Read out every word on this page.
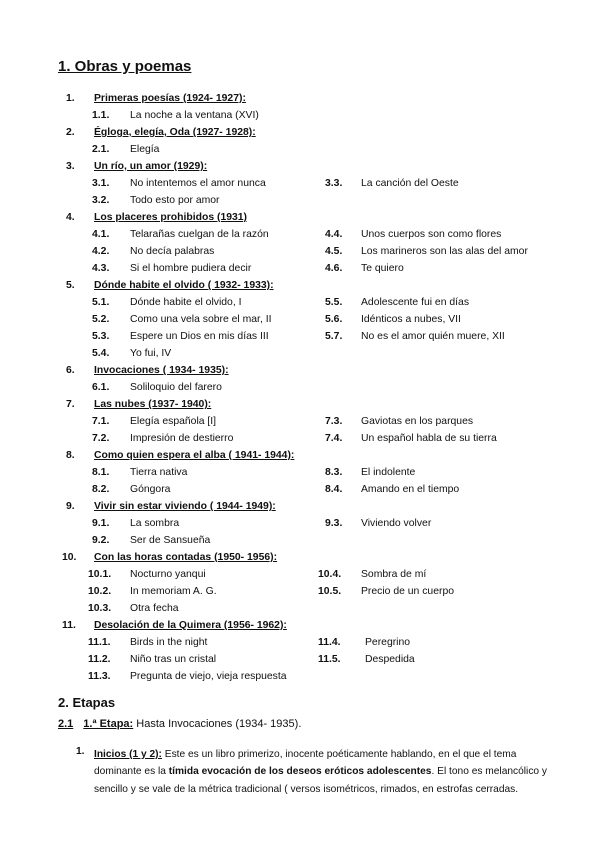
1. Obras y poemas
1. Primeras poesías (1924- 1927):
1.1. La noche a la ventana (XVI)
2. Égloga, elegía, Oda (1927- 1928):
2.1. Elegía
3. Un río, un amor (1929):
3.1. No intentemos el amor nunca	3.3. La canción del Oeste
3.2. Todo esto por amor
4. Los placeres prohibidos (1931)
4.1. Telarañas cuelgan de la razón	4.4. Unos cuerpos son como flores
4.2. No decía palabras	4.5. Los marineros son las alas del amor
4.3. Si el hombre pudiera decir	4.6. Te quiero
5. Dónde habite el olvido ( 1932- 1933):
5.1. Dónde habite el olvido, I	5.5. Adolescente fui en días
5.2. Como una vela sobre el mar, II	5.6. Idénticos a nubes, VII
5.3. Espere un Dios en mis días III	5.7. No es el amor quién muere, XII
5.4. Yo fui, IV
6. Invocaciones ( 1934- 1935):
6.1. Soliloquio del farero
7. Las nubes (1937- 1940):
7.1. Elegía española [I]	7.3. Gaviotas en los parques
7.2. Impresión de destierro	7.4. Un español habla de su tierra
8. Como quien espera el alba ( 1941- 1944):
8.1. Tierra nativa	8.3. El indolente
8.2. Góngora	8.4. Amando en el tiempo
9. Vivir sin estar viviendo ( 1944- 1949):
9.1. La sombra	9.3. Viviendo volver
9.2. Ser de Sansueña
10. Con las horas contadas (1950- 1956):
10.1. Nocturno yanqui	10.4. Sombra de mí
10.2. In memoriam A. G.	10.5. Precio de un cuerpo
10.3. Otra fecha
11. Desolación de la Quimera (1956- 1962):
11.1. Birds in the night	11.4. Peregrino
11.2. Niño tras un cristal	11.5. Despedida
11.3. Pregunta de viejo, vieja respuesta
2. Etapas
2.1 1.ª Etapa: Hasta Invocaciones (1934- 1935).
1. Inicios (1 y 2): Este es un libro primerizo, inocente poéticamente hablando, en el que el tema dominante es la tímida evocación de los deseos eróticos adolescentes. El tono es melancólico y sencillo y se vale de la métrica tradicional ( versos isométricos, rimados, en estrofas cerradas.
